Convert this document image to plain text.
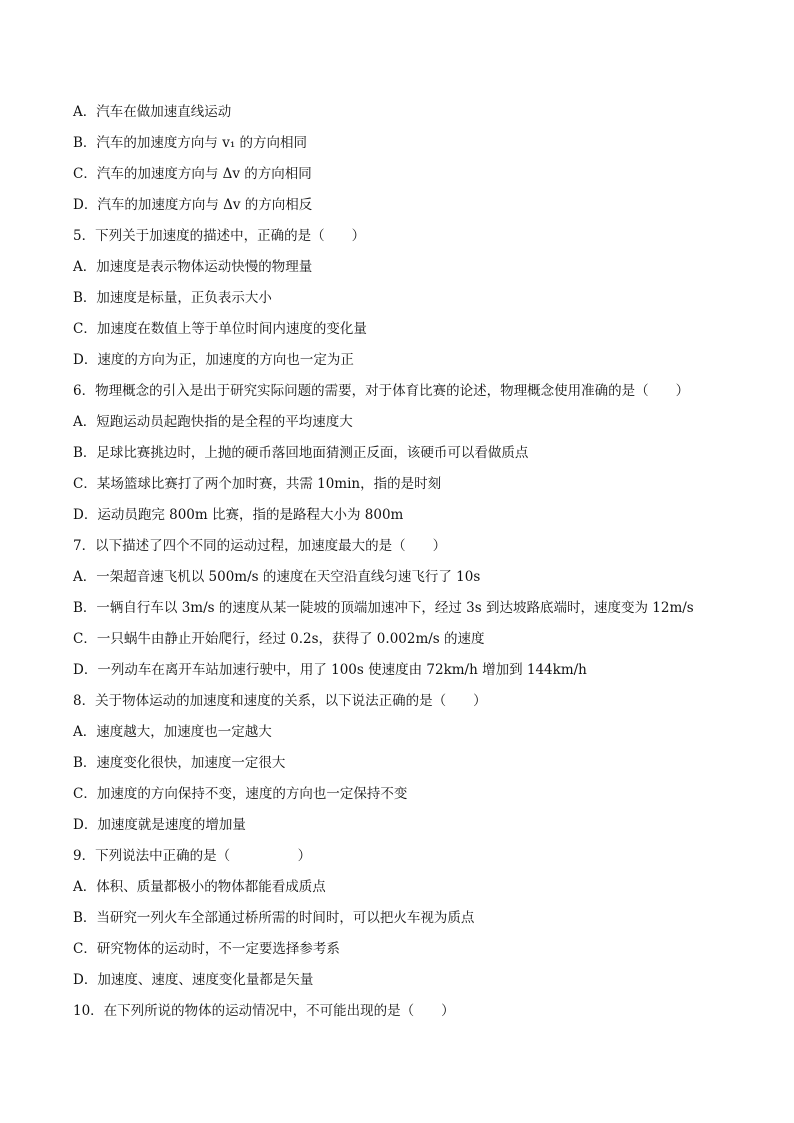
A．汽车在做加速直线运动
B．汽车的加速度方向与 v₁ 的方向相同
C．汽车的加速度方向与 Δv 的方向相同
D．汽车的加速度方向与 Δv 的方向相反
5．下列关于加速度的描述中，正确的是（　　）
A．加速度是表示物体运动快慢的物理量
B．加速度是标量，正负表示大小
C．加速度在数值上等于单位时间内速度的变化量
D．速度的方向为正，加速度的方向也一定为正
6．物理概念的引入是出于研究实际问题的需要，对于体育比赛的论述，物理概念使用准确的是（　　）
A．短跑运动员起跑快指的是全程的平均速度大
B．足球比赛挑边时，上抛的硬币落回地面猜测正反面，该硬币可以看做质点
C．某场篮球比赛打了两个加时赛，共需 10min，指的是时刻
D．运动员跑完 800m 比赛，指的是路程大小为 800m
7．以下描述了四个不同的运动过程，加速度最大的是（　　）
A．一架超音速飞机以 500m/s 的速度在天空沿直线匀速飞行了 10s
B．一辆自行车以 3m/s 的速度从某一陡坡的顶端加速冲下，经过 3s 到达坡路底端时，速度变为 12m/s
C．一只蜗牛由静止开始爬行，经过 0.2s，获得了 0.002m/s 的速度
D．一列动车在离开车站加速行驶中，用了 100s 使速度由 72km/h 增加到 144km/h
8．关于物体运动的加速度和速度的关系，以下说法正确的是（　　）
A．速度越大，加速度也一定越大
B．速度变化很快，加速度一定很大
C．加速度的方向保持不变，速度的方向也一定保持不变
D．加速度就是速度的增加量
9．下列说法中正确的是（　　　　　）
A．体积、质量都极小的物体都能看成质点
B．当研究一列火车全部通过桥所需的时间时，可以把火车视为质点
C．研究物体的运动时，不一定要选择参考系
D．加速度、速度、速度变化量都是矢量
10．在下列所说的物体的运动情况中，不可能出现的是（　　）
